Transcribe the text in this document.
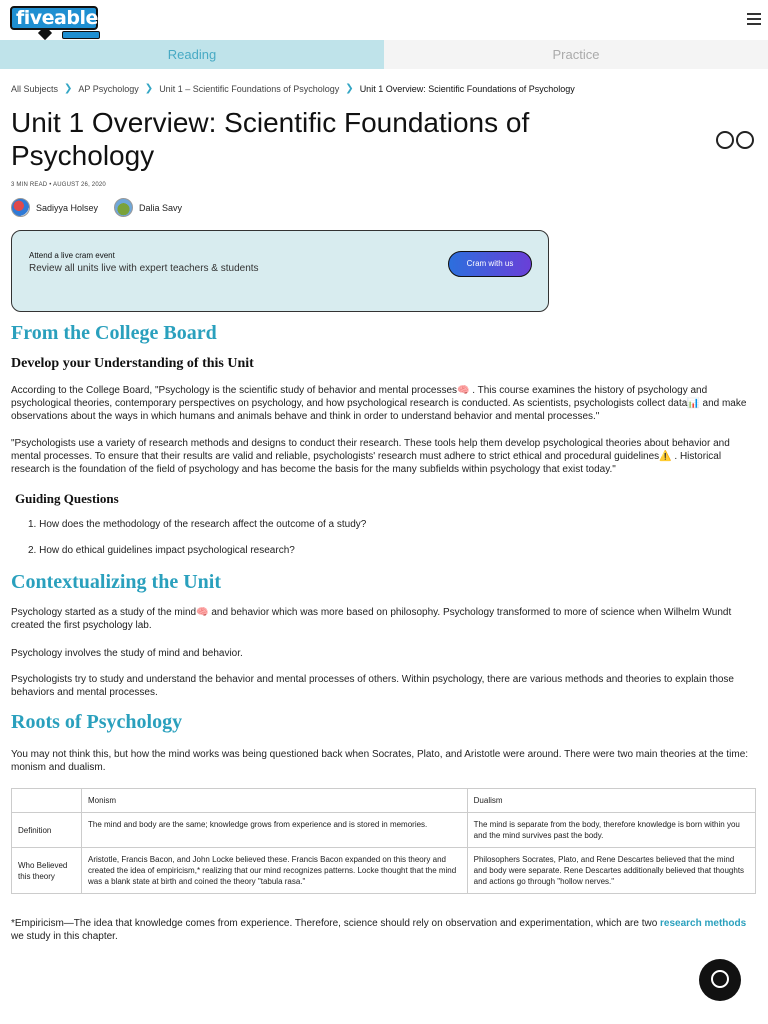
fiveable
Reading	Practice
All Subjects ❯ AP Psychology ❯ Unit 1 – Scientific Foundations of Psychology ❯ Unit 1 Overview: Scientific Foundations of Psychology
Unit 1 Overview: Scientific Foundations of Psychology
3 MIN READ • AUGUST 26, 2020
Sadiyya Holsey	Dalia Savy
Attend a live cram event
Review all units live with expert teachers & students	Cram with us
From the College Board
Develop your Understanding of this Unit

According to the College Board, "Psychology is the scientific study of behavior and mental processes🧠 . This course examines the history of psychology and psychological theories, contemporary perspectives on psychology, and how psychological research is conducted. As scientists, psychologists collect data📊 and make observations about the ways in which humans and animals behave and think in order to understand behavior and mental processes."

"Psychologists use a variety of research methods and designs to conduct their research. These tools help them develop psychological theories about behavior and mental processes. To ensure that their results are valid and reliable, psychologists' research must adhere to strict ethical and procedural guidelines⚠️ . Historical research is the foundation of the field of psychology and has become the basis for the many subfields within psychology that exist today."

Guiding Questions
1. How does the methodology of the research affect the outcome of a study?
2. How do ethical guidelines impact psychological research?
Contextualizing the Unit

Psychology started as a study of the mind🧠 and behavior which was more based on philosophy. Psychology transformed to more of science when Wilhelm Wundt created the first psychology lab.

Psychology involves the study of mind and behavior.

Psychologists try to study and understand the behavior and mental processes of others. Within psychology, there are various methods and theories to explain those behaviors and mental processes.

Roots of Psychology

You may not think this, but how the mind works was being questioned back when Socrates, Plato, and Aristotle were around. There were two main theories at the time: monism and dualism.

	Monism	Dualism
Definition	The mind and body are the same; knowledge grows from experience and is stored in memories.	The mind is separate from the body, therefore knowledge is born within you and the mind survives past the body.
Who Believed this theory	Aristotle, Francis Bacon, and John Locke believed these. Francis Bacon expanded on this theory and created the idea of empiricism,* realizing that our mind recognizes patterns. Locke thought that the mind was a blank state at birth and coined the theory "tabula rasa."	Philosophers Socrates, Plato, and Rene Descartes believed that the mind and body were separate. Rene Descartes additionally believed that thoughts and actions go through "hollow nerves."

*Empiricism—The idea that knowledge comes from experience. Therefore, science should rely on observation and experimentation, which are two research methods we study in this chapter.
